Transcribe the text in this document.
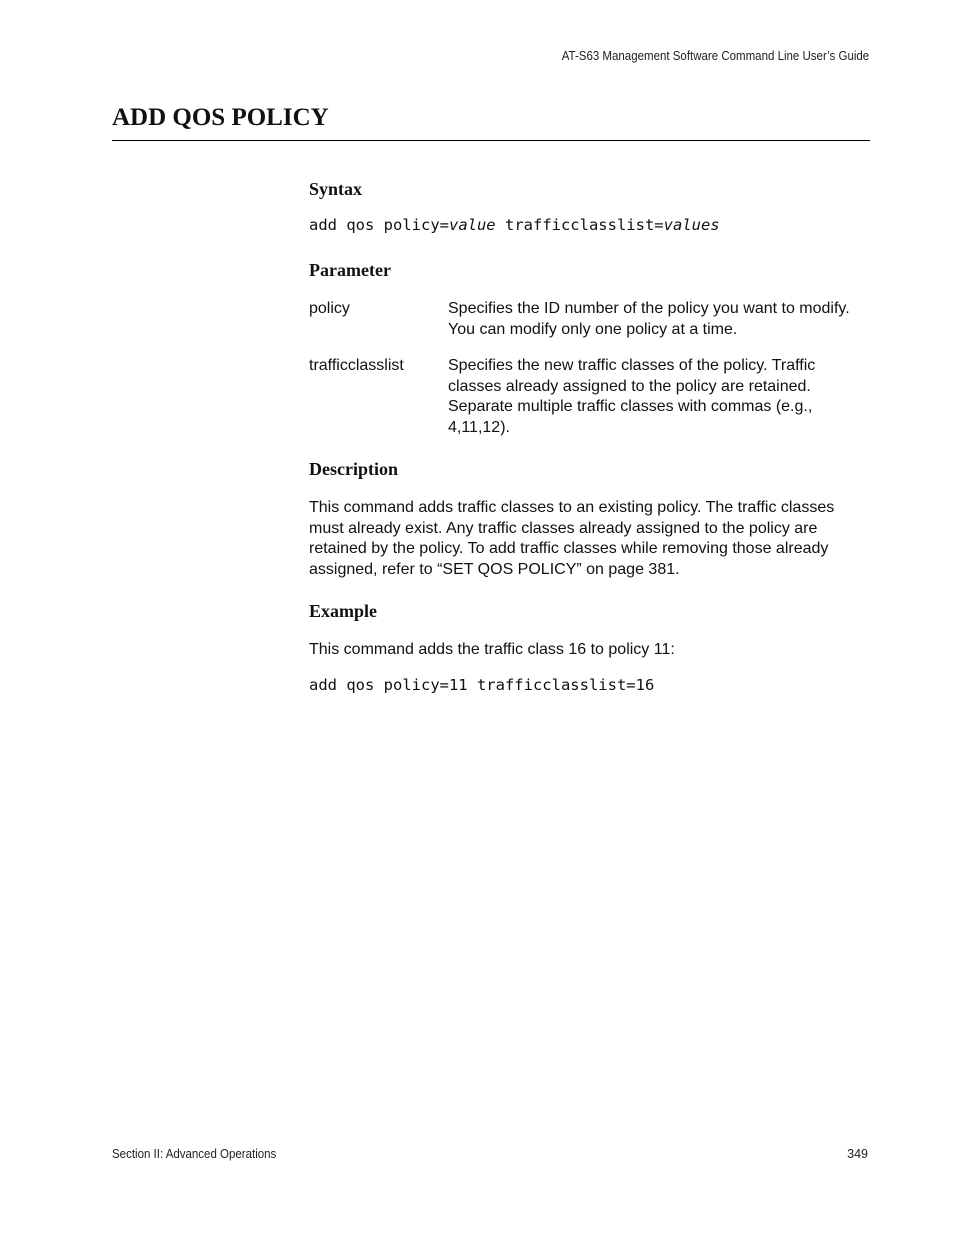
AT-S63 Management Software Command Line User’s Guide
ADD QOS POLICY
Syntax
add qos policy=value trafficclasslist=values
Parameter
policy	Specifies the ID number of the policy you want to modify. You can modify only one policy at a time.
trafficclasslist	Specifies the new traffic classes of the policy. Traffic classes already assigned to the policy are retained. Separate multiple traffic classes with commas (e.g., 4,11,12).
Description

This command adds traffic classes to an existing policy. The traffic classes must already exist. Any traffic classes already assigned to the policy are retained by the policy. To add traffic classes while removing those already assigned, refer to “SET QOS POLICY” on page 381.

Example

This command adds the traffic class 16 to policy 11:

add qos policy=11 trafficclasslist=16
Section II: Advanced Operations	349
